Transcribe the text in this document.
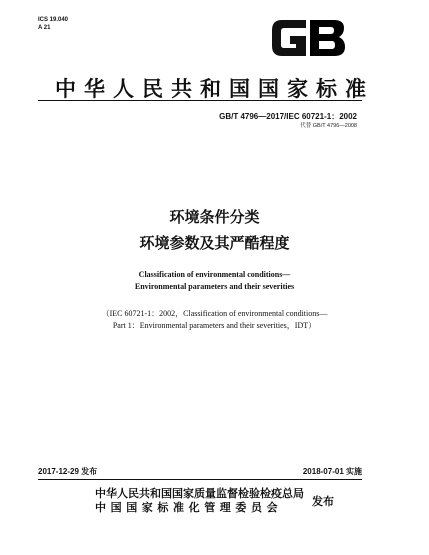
ICS 19.040
A 21
中华人民共和国国家标准
GB/T 4796—2017/IEC 60721-1：2002
代替 GB/T 4796—2008
环境条件分类
环境参数及其严酷程度
Classification of environmental conditions—
Environmental parameters and their severities
（IEC 60721-1：2002，Classification of environmental conditions—
Part 1：Environmental parameters and their severities，IDT）
2017-12-29 发布	2018-07-01 实施
中华人民共和国国家质量监督检验检疫总局
中国国家标准化管理委员会	发布
